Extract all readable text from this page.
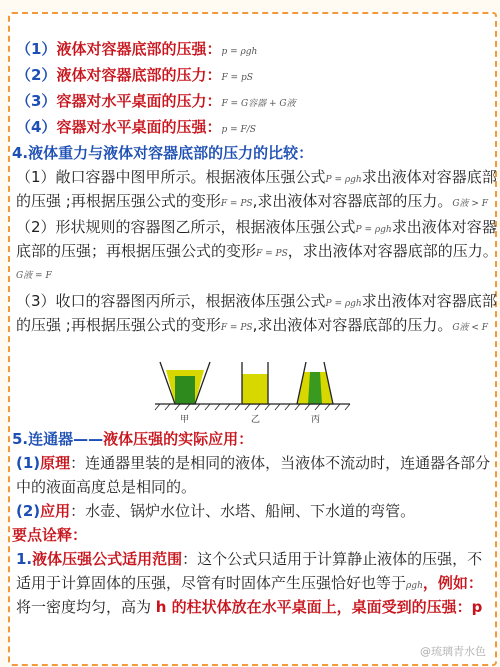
（1）液体对容器底部的压强：p = ρgh
（2）液体对容器底部的压力：F = pS
（3）容器对水平桌面的压力：F = G容器 + G液
（4）容器对水平桌面的压强：p = F/S
4.液体重力与液体对容器底部的压力的比较：
（1）敞口容器中图甲所示。根据液体压强公式P = ρgh求出液体对容器底部
的压强 ;再根据压强公式的变形F = PS,求出液体对容器底部的压力。G液 > F
（2）形状规则的容器图乙所示，根据液体压强公式P = ρgh求出液体对容器
底部的压强；再根据压强公式的变形F = PS，求出液体对容器底部的压力。
G液 = F
（3）收口的容器图丙所示，根据液体压强公式P = ρgh求出液体对容器底部
的压强 ;再根据压强公式的变形F = PS,求出液体对容器底部的压力。G液 < F
甲	乙	丙
5.连通器——液体压强的实际应用：
(1)原理：连通器里装的是相同的液体，当液体不流动时，连通器各部分
中的液面高度总是相同的。
(2)应用：水壶、锅炉水位计、水塔、船闸、下水道的弯管。
要点诠释：
1.液体压强公式适用范围：这个公式只适用于计算静止液体的压强，不
适用于计算固体的压强，尽管有时固体产生压强恰好也等于ρgh，例如：
将一密度均匀，高为 h 的柱状体放在水平桌面上，桌面受到的压强：p
@琉璃青水色
